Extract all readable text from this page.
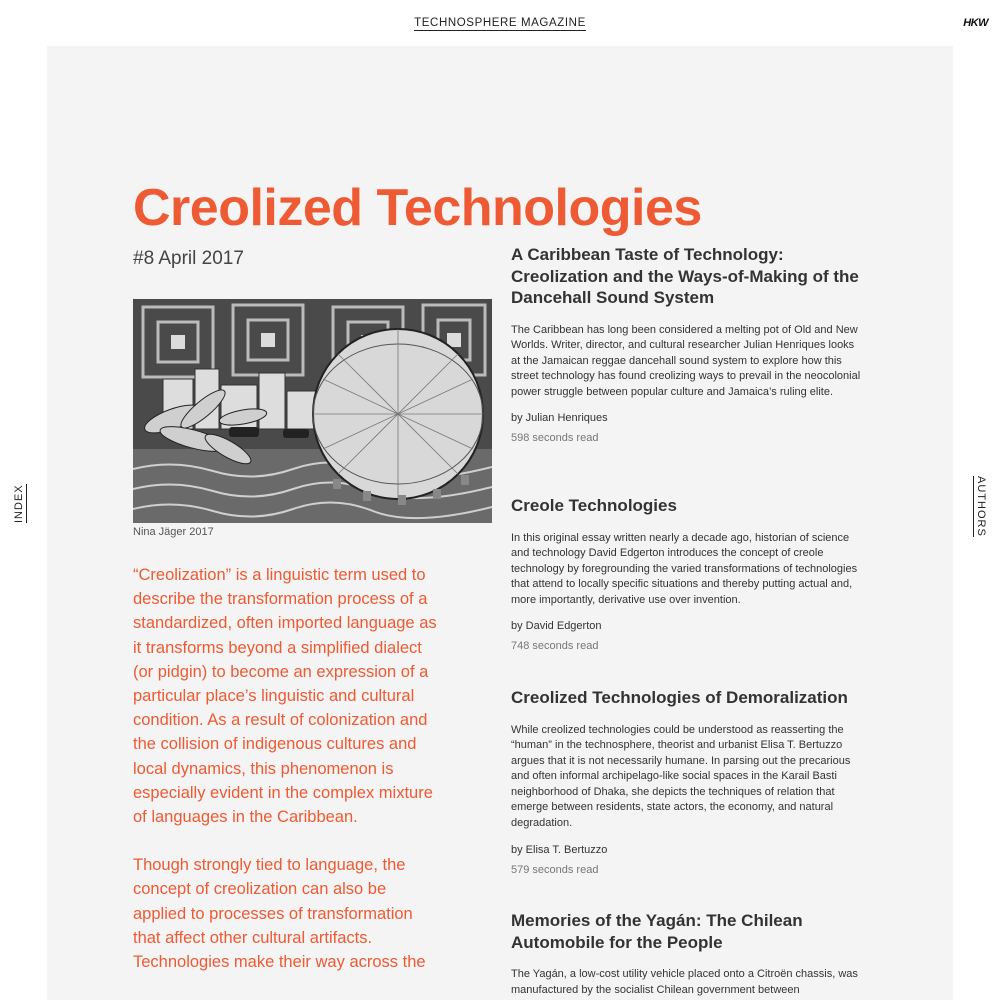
TECHNOSPHERE MAGAZINE	HKW
INDEX	AUTHORS
Creolized Technologies
#8 April 2017
Nina Jäger 2017

“Creolization” is a linguistic term used to describe the transformation process of a standardized, often imported language as it transforms beyond a simplified dialect (or pidgin) to become an expression of a particular place’s linguistic and cultural condition. As a result of colonization and the collision of indigenous cultures and local dynamics, this phenomenon is especially evident in the complex mixture of languages in the Caribbean.

Though strongly tied to language, the concept of creolization can also be applied to processes of transformation that affect other cultural artifacts. Technologies make their way across the

A Caribbean Taste of Technology: Creolization and the Ways-of-Making of the Dancehall Sound System

The Caribbean has long been considered a melting pot of Old and New Worlds. Writer, director, and cultural researcher Julian Henriques looks at the Jamaican reggae dancehall sound system to explore how this street technology has found creolizing ways to prevail in the neocolonial power struggle between popular culture and Jamaica’s ruling elite.

by Julian Henriques
598 seconds read
Creole Technologies

In this original essay written nearly a decade ago, historian of science and technology David Edgerton introduces the concept of creole technology by foregrounding the varied transformations of technologies that attend to locally specific situations and thereby putting actual and, more importantly, derivative use over invention.

by David Edgerton
748 seconds read
Creolized Technologies of Demoralization

While creolized technologies could be understood as reasserting the “human” in the technosphere, theorist and urbanist Elisa T. Bertuzzo argues that it is not necessarily humane. In parsing out the precarious and often informal archipelago-like social spaces in the Karail Basti neighborhood of Dhaka, she depicts the techniques of relation that emerge between residents, state actors, the economy, and natural degradation.

by Elisa T. Bertuzzo
579 seconds read
Memories of the Yagán: The Chilean Automobile for the People

The Yagán, a low-cost utility vehicle placed onto a Citroën chassis, was manufactured by the socialist Chilean government between
